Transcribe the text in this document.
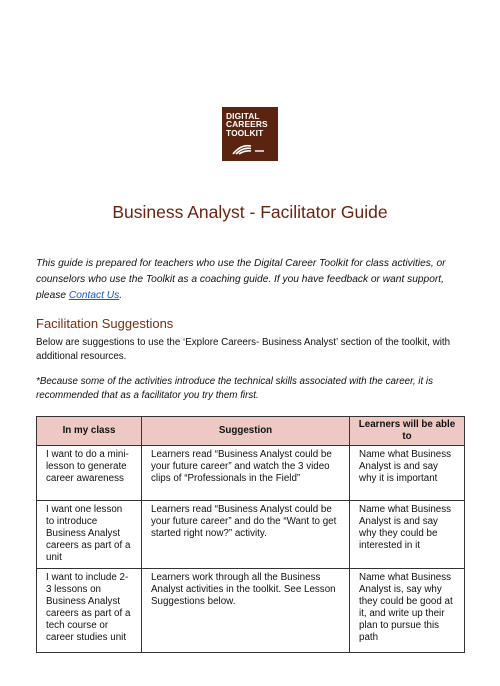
DIGITAL
CAREERS
TOOLKIT
Business Analyst - Facilitator Guide
This guide is prepared for teachers who use the Digital Career Toolkit for class activities, or counselors who use the Toolkit as a coaching guide. If you have feedback or want support, please Contact Us.
Facilitation Suggestions
Below are suggestions to use the ‘Explore Careers- Business Analyst’ section of the toolkit, with additional resources.
*Because some of the activities introduce the technical skills associated with the career, it is recommended that as a facilitator you try them first.
In my class	Suggestion	Learners will be able to
I want to do a mini-lesson to generate career awareness	Learners read “Business Analyst could be your future career” and watch the 3 video clips of “Professionals in the Field”	Name what Business Analyst is and say why it is important
I want one lesson to introduce Business Analyst careers as part of a unit	Learners read “Business Analyst could be your future career” and do the “Want to get started right now?” activity.	Name what Business Analyst is and say why they could be interested in it
I want to include 2-3 lessons on Business Analyst careers as part of a tech course or career studies unit	Learners work through all the Business Analyst activities in the toolkit. See Lesson Suggestions below.	Name what Business Analyst is, say why they could be good at it, and write up their plan to pursue this path
